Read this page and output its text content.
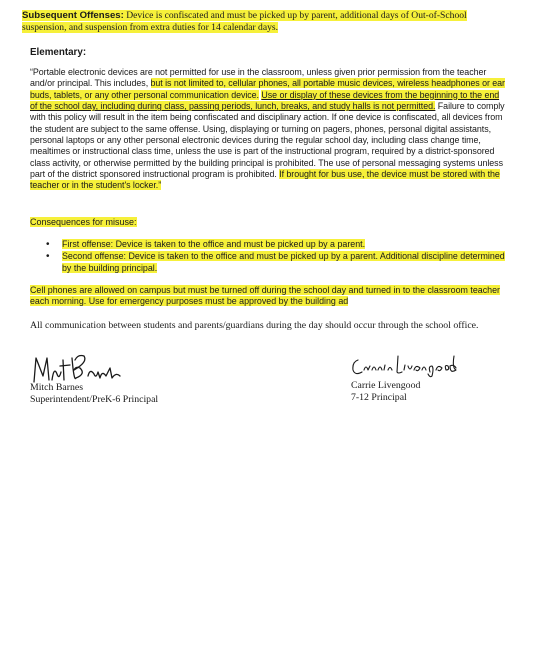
Subsequent Offenses: Device is confiscated and must be picked up by parent, additional days of Out-of-School suspension, and suspension from extra duties for 14 calendar days.
Elementary:
“Portable electronic devices are not permitted for use in the classroom, unless given prior permission from the teacher and/or principal. This includes, but is not limited to, cellular phones, all portable music devices, wireless headphones or ear buds, tablets, or any other personal communication device. Use or display of these devices from the beginning to the end of the school day, including during class, passing periods, lunch, breaks, and study halls is not permitted. Failure to comply with this policy will result in the item being confiscated and disciplinary action. If one device is confiscated, all devices from the student are subject to the same offense. Using, displaying or turning on pagers, phones, personal digital assistants, personal laptops or any other personal electronic devices during the regular school day, including class change time, mealtimes or instructional class time, unless the use is part of the instructional program, required by a district-sponsored class activity, or otherwise permitted by the building principal is prohibited. The use of personal messaging systems unless part of the district sponsored instructional program is prohibited. If brought for bus use, the device must be stored with the teacher or in the student's locker.”
Consequences for misuse:
• First offense: Device is taken to the office and must be picked up by a parent.
• Second offense: Device is taken to the office and must be picked up by a parent. Additional discipline determined by the building principal.
Cell phones are allowed on campus but must be turned off during the school day and turned in to the classroom teacher each morning. Use for emergency purposes must be approved by the building ad
All communication between students and parents/guardians during the day should occur through the school office.
Mitch Barnes
Superintendent/PreK-6 Principal
Carrie Livengood
7-12 Principal
